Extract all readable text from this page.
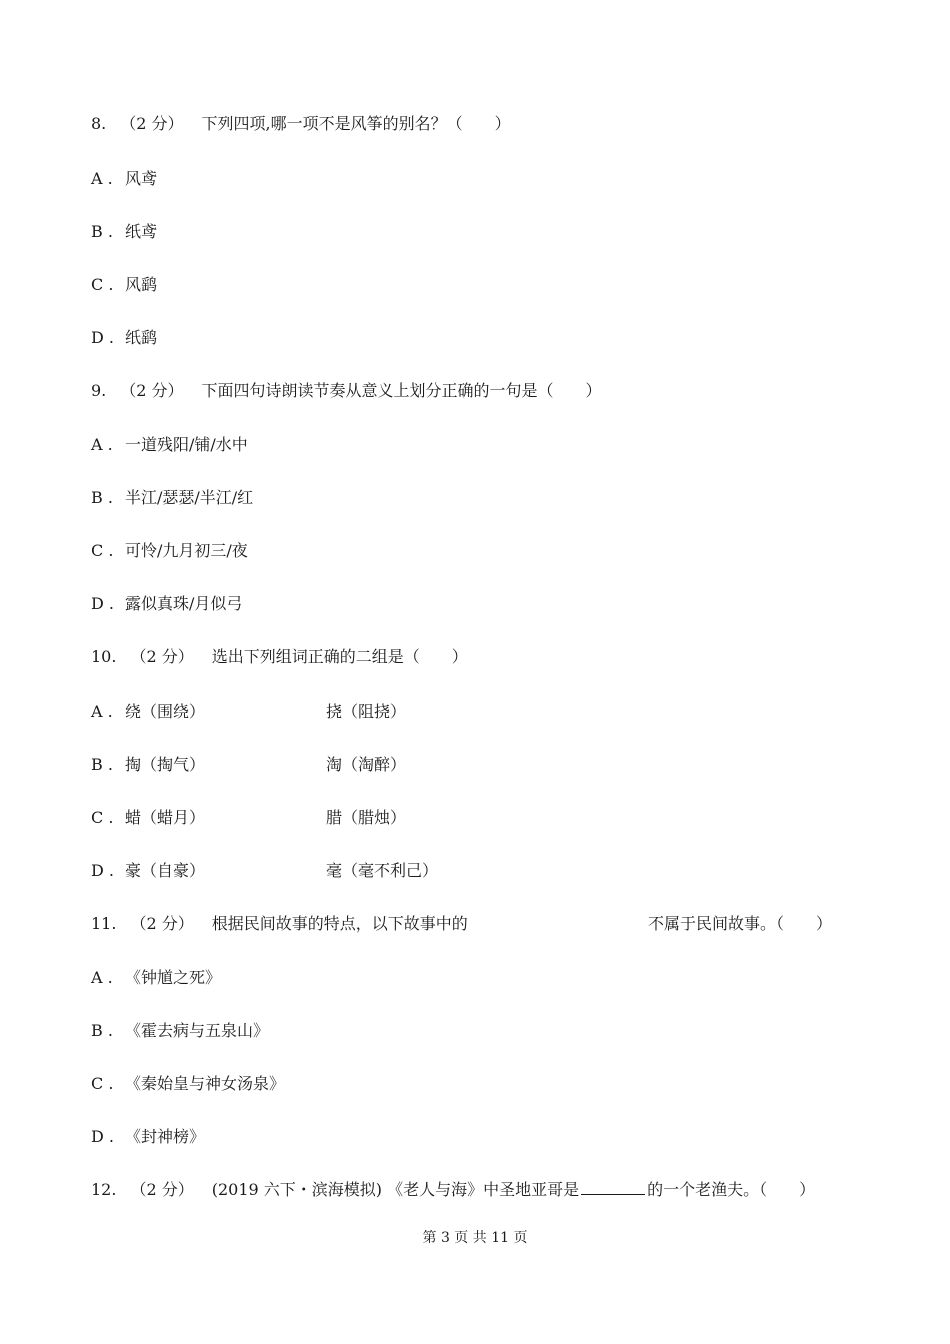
8. （2 分） 下列四项,哪一项不是风筝的别名？（　　）
A . 风鸢
B . 纸鸢
C . 风鹞
D . 纸鹞
9. （2 分） 下面四句诗朗读节奏从意义上划分正确的一句是（　　）
A . 一道残阳/铺/水中
B . 半江/瑟瑟/半江/红
C . 可怜/九月初三/夜
D . 露似真珠/月似弓
10. （2 分） 选出下列组词正确的二组是（　　）
A . 绕（围绕）	挠（阻挠）
B . 掏（掏气）	淘（淘醉）
C . 蜡（蜡月）	腊（腊烛）
D . 豪（自豪）	毫（毫不利己）
11. （2 分） 根据民间故事的特点，以下故事中的	不属于民间故事。（　　）
A . 《钟馗之死》
B . 《霍去病与五泉山》
C . 《秦始皇与神女汤泉》
D . 《封神榜》
12. （2 分） (2019 六下・滨海模拟) 《老人与海》中圣地亚哥是	的一个老渔夫。（　　）
第 3 页 共 11 页
